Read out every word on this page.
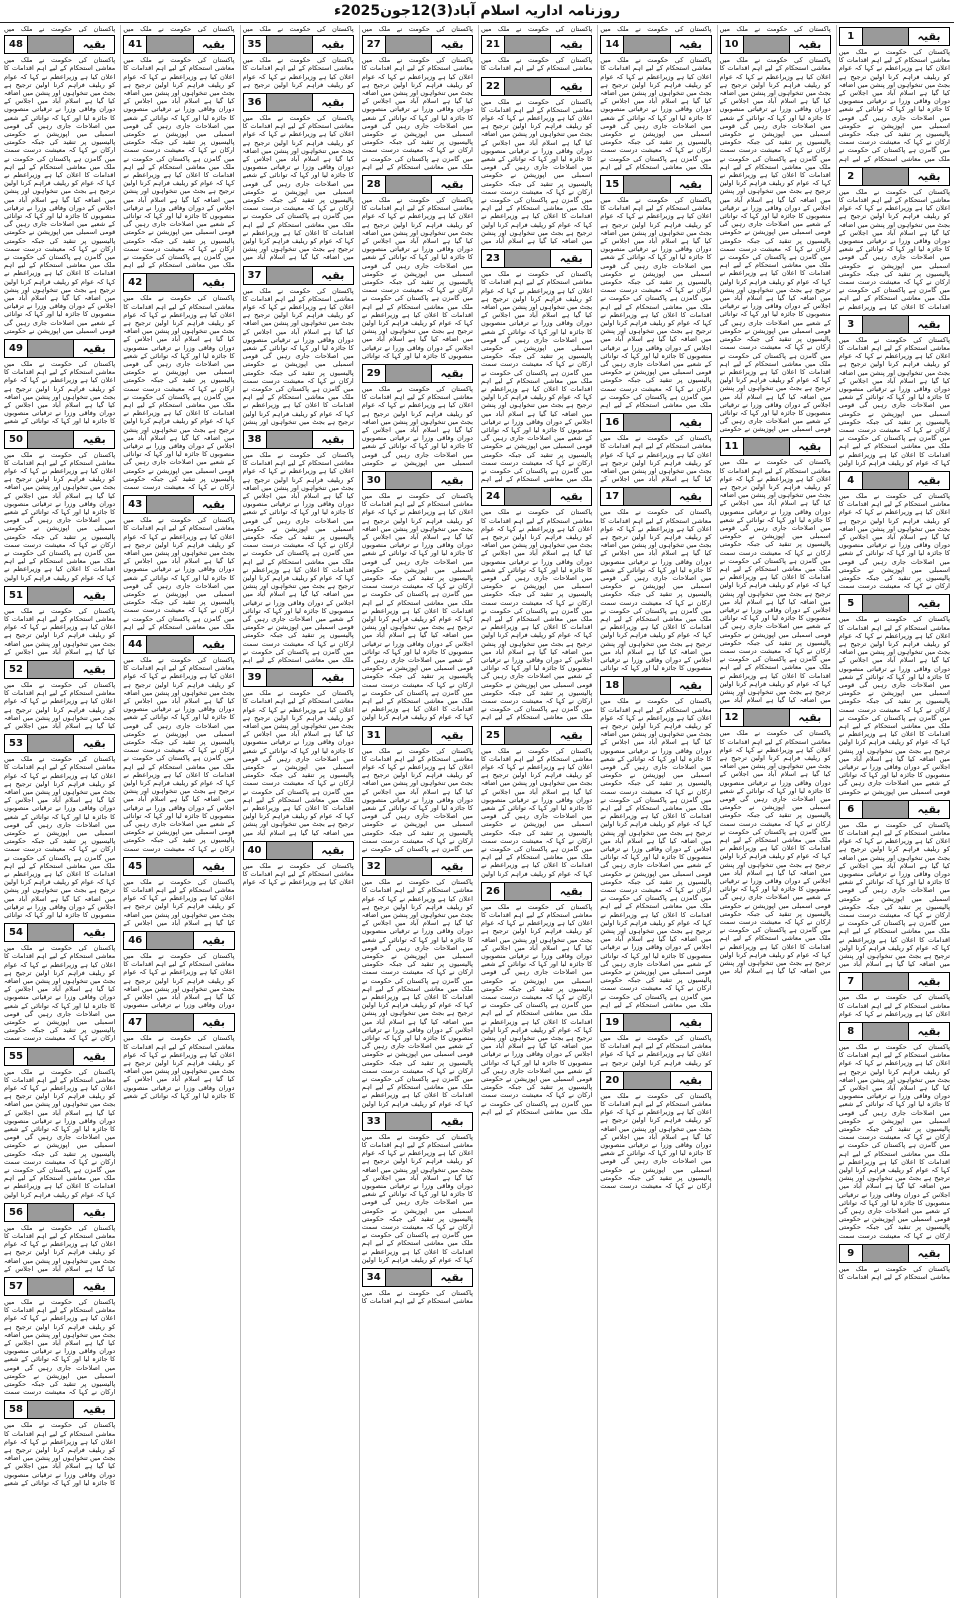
روزنامہ اداریہ اسلام آباد(3)12جون2025ء
بقیہ
1
پاکستان کی حکومت نے ملک میں معاشی استحکام کے لیے اہم اقدامات کا اعلان کیا ہے وزیراعظم نے کہا کہ عوام کو ریلیف فراہم کرنا اولین ترجیح ہے بجٹ میں تنخواہوں اور پنشن میں اضافہ کیا گیا ہے اسلام آباد میں اجلاس کے دوران وفاقی وزرا نے ترقیاتی منصوبوں کا جائزہ لیا اور کہا کہ توانائی کے شعبے میں اصلاحات جاری رہیں گی قومی اسمبلی میں اپوزیشن نے حکومتی پالیسیوں پر تنقید کی جبکہ حکومتی ارکان نے کہا کہ معیشت درست سمت میں گامزن ہے پاکستان کی حکومت نے ملک میں معاشی استحکام کے لیے اہم
بقیہ
2
پاکستان کی حکومت نے ملک میں معاشی استحکام کے لیے اہم اقدامات کا اعلان کیا ہے وزیراعظم نے کہا کہ عوام کو ریلیف فراہم کرنا اولین ترجیح ہے بجٹ میں تنخواہوں اور پنشن میں اضافہ کیا گیا ہے اسلام آباد میں اجلاس کے دوران وفاقی وزرا نے ترقیاتی منصوبوں کا جائزہ لیا اور کہا کہ توانائی کے شعبے میں اصلاحات جاری رہیں گی قومی اسمبلی میں اپوزیشن نے حکومتی پالیسیوں پر تنقید کی جبکہ حکومتی ارکان نے کہا کہ معیشت درست سمت میں گامزن ہے پاکستان کی حکومت نے ملک میں معاشی استحکام کے لیے اہم اقدامات کا اعلان کیا ہے وزیراعظم نے
بقیہ
3
پاکستان کی حکومت نے ملک میں معاشی استحکام کے لیے اہم اقدامات کا اعلان کیا ہے وزیراعظم نے کہا کہ عوام کو ریلیف فراہم کرنا اولین ترجیح ہے بجٹ میں تنخواہوں اور پنشن میں اضافہ کیا گیا ہے اسلام آباد میں اجلاس کے دوران وفاقی وزرا نے ترقیاتی منصوبوں کا جائزہ لیا اور کہا کہ توانائی کے شعبے میں اصلاحات جاری رہیں گی قومی اسمبلی میں اپوزیشن نے حکومتی پالیسیوں پر تنقید کی جبکہ حکومتی ارکان نے کہا کہ معیشت درست سمت میں گامزن ہے پاکستان کی حکومت نے ملک میں معاشی استحکام کے لیے اہم اقدامات کا اعلان کیا ہے وزیراعظم نے کہا کہ عوام کو ریلیف فراہم کرنا اولین
بقیہ
4
پاکستان کی حکومت نے ملک میں معاشی استحکام کے لیے اہم اقدامات کا اعلان کیا ہے وزیراعظم نے کہا کہ عوام کو ریلیف فراہم کرنا اولین ترجیح ہے بجٹ میں تنخواہوں اور پنشن میں اضافہ کیا گیا ہے اسلام آباد میں اجلاس کے دوران وفاقی وزرا نے ترقیاتی منصوبوں کا جائزہ لیا اور کہا کہ توانائی کے شعبے میں اصلاحات جاری رہیں گی قومی اسمبلی میں اپوزیشن نے حکومتی پالیسیوں پر تنقید کی جبکہ حکومتی ارکان نے کہا کہ معیشت درست سمت
بقیہ
5
پاکستان کی حکومت نے ملک میں معاشی استحکام کے لیے اہم اقدامات کا اعلان کیا ہے وزیراعظم نے کہا کہ عوام کو ریلیف فراہم کرنا اولین ترجیح ہے بجٹ میں تنخواہوں اور پنشن میں اضافہ کیا گیا ہے اسلام آباد میں اجلاس کے دوران وفاقی وزرا نے ترقیاتی منصوبوں کا جائزہ لیا اور کہا کہ توانائی کے شعبے میں اصلاحات جاری رہیں گی قومی اسمبلی میں اپوزیشن نے حکومتی پالیسیوں پر تنقید کی جبکہ حکومتی ارکان نے کہا کہ معیشت درست سمت میں گامزن ہے پاکستان کی حکومت نے ملک میں معاشی استحکام کے لیے اہم اقدامات کا اعلان کیا ہے وزیراعظم نے کہا کہ عوام کو ریلیف فراہم کرنا اولین ترجیح ہے بجٹ میں تنخواہوں اور پنشن میں اضافہ کیا گیا ہے اسلام آباد میں اجلاس کے دوران وفاقی وزرا نے ترقیاتی منصوبوں کا جائزہ لیا اور کہا کہ توانائی کے شعبے میں اصلاحات جاری رہیں گی قومی اسمبلی میں اپوزیشن نے حکومتی
بقیہ
6
پاکستان کی حکومت نے ملک میں معاشی استحکام کے لیے اہم اقدامات کا اعلان کیا ہے وزیراعظم نے کہا کہ عوام کو ریلیف فراہم کرنا اولین ترجیح ہے بجٹ میں تنخواہوں اور پنشن میں اضافہ کیا گیا ہے اسلام آباد میں اجلاس کے دوران وفاقی وزرا نے ترقیاتی منصوبوں کا جائزہ لیا اور کہا کہ توانائی کے شعبے میں اصلاحات جاری رہیں گی قومی اسمبلی میں اپوزیشن نے حکومتی پالیسیوں پر تنقید کی جبکہ حکومتی ارکان نے کہا کہ معیشت درست سمت میں گامزن ہے پاکستان کی حکومت نے ملک میں معاشی استحکام کے لیے اہم اقدامات کا اعلان کیا ہے وزیراعظم نے کہا کہ عوام کو ریلیف فراہم کرنا اولین ترجیح ہے بجٹ میں تنخواہوں اور پنشن میں اضافہ کیا گیا ہے اسلام آباد میں
بقیہ
7
پاکستان کی حکومت نے ملک میں معاشی استحکام کے لیے اہم اقدامات کا اعلان کیا ہے وزیراعظم نے کہا کہ عوام
بقیہ
8
پاکستان کی حکومت نے ملک میں معاشی استحکام کے لیے اہم اقدامات کا اعلان کیا ہے وزیراعظم نے کہا کہ عوام کو ریلیف فراہم کرنا اولین ترجیح ہے بجٹ میں تنخواہوں اور پنشن میں اضافہ کیا گیا ہے اسلام آباد میں اجلاس کے دوران وفاقی وزرا نے ترقیاتی منصوبوں کا جائزہ لیا اور کہا کہ توانائی کے شعبے میں اصلاحات جاری رہیں گی قومی اسمبلی میں اپوزیشن نے حکومتی پالیسیوں پر تنقید کی جبکہ حکومتی ارکان نے کہا کہ معیشت درست سمت میں گامزن ہے پاکستان کی حکومت نے ملک میں معاشی استحکام کے لیے اہم اقدامات کا اعلان کیا ہے وزیراعظم نے کہا کہ عوام کو ریلیف فراہم کرنا اولین ترجیح ہے بجٹ میں تنخواہوں اور پنشن میں اضافہ کیا گیا ہے اسلام آباد میں اجلاس کے دوران وفاقی وزرا نے ترقیاتی منصوبوں کا جائزہ لیا اور کہا کہ توانائی کے شعبے میں اصلاحات جاری رہیں گی قومی اسمبلی میں اپوزیشن نے حکومتی پالیسیوں پر تنقید کی جبکہ حکومتی ارکان نے کہا کہ معیشت درست سمت
بقیہ
9
پاکستان کی حکومت نے ملک میں معاشی استحکام کے لیے اہم اقدامات کا
پاکستان کی حکومت نے ملک میں
بقیہ
10
پاکستان کی حکومت نے ملک میں معاشی استحکام کے لیے اہم اقدامات کا اعلان کیا ہے وزیراعظم نے کہا کہ عوام کو ریلیف فراہم کرنا اولین ترجیح ہے بجٹ میں تنخواہوں اور پنشن میں اضافہ کیا گیا ہے اسلام آباد میں اجلاس کے دوران وفاقی وزرا نے ترقیاتی منصوبوں کا جائزہ لیا اور کہا کہ توانائی کے شعبے میں اصلاحات جاری رہیں گی قومی اسمبلی میں اپوزیشن نے حکومتی پالیسیوں پر تنقید کی جبکہ حکومتی ارکان نے کہا کہ معیشت درست سمت میں گامزن ہے پاکستان کی حکومت نے ملک میں معاشی استحکام کے لیے اہم اقدامات کا اعلان کیا ہے وزیراعظم نے کہا کہ عوام کو ریلیف فراہم کرنا اولین ترجیح ہے بجٹ میں تنخواہوں اور پنشن میں اضافہ کیا گیا ہے اسلام آباد میں اجلاس کے دوران وفاقی وزرا نے ترقیاتی منصوبوں کا جائزہ لیا اور کہا کہ توانائی کے شعبے میں اصلاحات جاری رہیں گی قومی اسمبلی میں اپوزیشن نے حکومتی پالیسیوں پر تنقید کی جبکہ حکومتی ارکان نے کہا کہ معیشت درست سمت میں گامزن ہے پاکستان کی حکومت نے ملک میں معاشی استحکام کے لیے اہم اقدامات کا اعلان کیا ہے وزیراعظم نے کہا کہ عوام کو ریلیف فراہم کرنا اولین ترجیح ہے بجٹ میں تنخواہوں اور پنشن میں اضافہ کیا گیا ہے اسلام آباد میں اجلاس کے دوران وفاقی وزرا نے ترقیاتی منصوبوں کا جائزہ لیا اور کہا کہ توانائی کے شعبے میں اصلاحات جاری رہیں گی قومی اسمبلی میں اپوزیشن نے حکومتی پالیسیوں پر تنقید کی جبکہ حکومتی ارکان نے کہا کہ معیشت درست سمت میں گامزن ہے پاکستان کی حکومت نے ملک میں معاشی استحکام کے لیے اہم اقدامات کا اعلان کیا ہے وزیراعظم نے کہا کہ عوام کو ریلیف فراہم کرنا اولین ترجیح ہے بجٹ میں تنخواہوں اور پنشن میں اضافہ کیا گیا ہے اسلام آباد میں اجلاس کے دوران وفاقی وزرا نے ترقیاتی منصوبوں کا جائزہ لیا اور کہا کہ توانائی کے شعبے میں اصلاحات جاری رہیں گی قومی اسمبلی میں اپوزیشن نے حکومتی
بقیہ
11
پاکستان کی حکومت نے ملک میں معاشی استحکام کے لیے اہم اقدامات کا اعلان کیا ہے وزیراعظم نے کہا کہ عوام کو ریلیف فراہم کرنا اولین ترجیح ہے بجٹ میں تنخواہوں اور پنشن میں اضافہ کیا گیا ہے اسلام آباد میں اجلاس کے دوران وفاقی وزرا نے ترقیاتی منصوبوں کا جائزہ لیا اور کہا کہ توانائی کے شعبے میں اصلاحات جاری رہیں گی قومی اسمبلی میں اپوزیشن نے حکومتی پالیسیوں پر تنقید کی جبکہ حکومتی ارکان نے کہا کہ معیشت درست سمت میں گامزن ہے پاکستان کی حکومت نے ملک میں معاشی استحکام کے لیے اہم اقدامات کا اعلان کیا ہے وزیراعظم نے کہا کہ عوام کو ریلیف فراہم کرنا اولین ترجیح ہے بجٹ میں تنخواہوں اور پنشن میں اضافہ کیا گیا ہے اسلام آباد میں اجلاس کے دوران وفاقی وزرا نے ترقیاتی منصوبوں کا جائزہ لیا اور کہا کہ توانائی کے شعبے میں اصلاحات جاری رہیں گی قومی اسمبلی میں اپوزیشن نے حکومتی پالیسیوں پر تنقید کی جبکہ حکومتی ارکان نے کہا کہ معیشت درست سمت میں گامزن ہے پاکستان کی حکومت نے ملک میں معاشی استحکام کے لیے اہم اقدامات کا اعلان کیا ہے وزیراعظم نے کہا کہ عوام کو ریلیف فراہم کرنا اولین ترجیح ہے بجٹ میں تنخواہوں اور پنشن میں اضافہ کیا گیا ہے اسلام آباد میں
بقیہ
12
پاکستان کی حکومت نے ملک میں معاشی استحکام کے لیے اہم اقدامات کا اعلان کیا ہے وزیراعظم نے کہا کہ عوام کو ریلیف فراہم کرنا اولین ترجیح ہے بجٹ میں تنخواہوں اور پنشن میں اضافہ کیا گیا ہے اسلام آباد میں اجلاس کے دوران وفاقی وزرا نے ترقیاتی منصوبوں کا جائزہ لیا اور کہا کہ توانائی کے شعبے میں اصلاحات جاری رہیں گی قومی اسمبلی میں اپوزیشن نے حکومتی پالیسیوں پر تنقید کی جبکہ حکومتی ارکان نے کہا کہ معیشت درست سمت میں گامزن ہے پاکستان کی حکومت نے ملک میں معاشی استحکام کے لیے اہم اقدامات کا اعلان کیا ہے وزیراعظم نے کہا کہ عوام کو ریلیف فراہم کرنا اولین ترجیح ہے بجٹ میں تنخواہوں اور پنشن میں اضافہ کیا گیا ہے اسلام آباد میں اجلاس کے دوران وفاقی وزرا نے ترقیاتی منصوبوں کا جائزہ لیا اور کہا کہ توانائی کے شعبے میں اصلاحات جاری رہیں گی قومی اسمبلی میں اپوزیشن نے حکومتی پالیسیوں پر تنقید کی جبکہ حکومتی ارکان نے کہا کہ معیشت درست سمت میں گامزن ہے پاکستان کی حکومت نے ملک میں معاشی استحکام کے لیے اہم اقدامات کا اعلان کیا ہے وزیراعظم نے کہا کہ عوام کو ریلیف فراہم کرنا اولین ترجیح ہے بجٹ میں تنخواہوں اور پنشن میں اضافہ کیا گیا ہے اسلام آباد میں
پاکستان کی حکومت نے ملک میں
بقیہ
14
پاکستان کی حکومت نے ملک میں معاشی استحکام کے لیے اہم اقدامات کا اعلان کیا ہے وزیراعظم نے کہا کہ عوام کو ریلیف فراہم کرنا اولین ترجیح ہے بجٹ میں تنخواہوں اور پنشن میں اضافہ کیا گیا ہے اسلام آباد میں اجلاس کے دوران وفاقی وزرا نے ترقیاتی منصوبوں کا جائزہ لیا اور کہا کہ توانائی کے شعبے میں اصلاحات جاری رہیں گی قومی اسمبلی میں اپوزیشن نے حکومتی پالیسیوں پر تنقید کی جبکہ حکومتی ارکان نے کہا کہ معیشت درست سمت میں گامزن ہے پاکستان کی حکومت نے ملک میں معاشی استحکام کے لیے اہم
بقیہ
15
پاکستان کی حکومت نے ملک میں معاشی استحکام کے لیے اہم اقدامات کا اعلان کیا ہے وزیراعظم نے کہا کہ عوام کو ریلیف فراہم کرنا اولین ترجیح ہے بجٹ میں تنخواہوں اور پنشن میں اضافہ کیا گیا ہے اسلام آباد میں اجلاس کے دوران وفاقی وزرا نے ترقیاتی منصوبوں کا جائزہ لیا اور کہا کہ توانائی کے شعبے میں اصلاحات جاری رہیں گی قومی اسمبلی میں اپوزیشن نے حکومتی پالیسیوں پر تنقید کی جبکہ حکومتی ارکان نے کہا کہ معیشت درست سمت میں گامزن ہے پاکستان کی حکومت نے ملک میں معاشی استحکام کے لیے اہم اقدامات کا اعلان کیا ہے وزیراعظم نے کہا کہ عوام کو ریلیف فراہم کرنا اولین ترجیح ہے بجٹ میں تنخواہوں اور پنشن میں اضافہ کیا گیا ہے اسلام آباد میں اجلاس کے دوران وفاقی وزرا نے ترقیاتی منصوبوں کا جائزہ لیا اور کہا کہ توانائی کے شعبے میں اصلاحات جاری رہیں گی قومی اسمبلی میں اپوزیشن نے حکومتی پالیسیوں پر تنقید کی جبکہ حکومتی ارکان نے کہا کہ معیشت درست سمت میں گامزن ہے پاکستان کی حکومت نے ملک میں معاشی استحکام کے لیے اہم
بقیہ
16
پاکستان کی حکومت نے ملک میں معاشی استحکام کے لیے اہم اقدامات کا اعلان کیا ہے وزیراعظم نے کہا کہ عوام کو ریلیف فراہم کرنا اولین ترجیح ہے بجٹ میں تنخواہوں اور پنشن میں اضافہ کیا گیا ہے اسلام آباد میں اجلاس کے
بقیہ
17
پاکستان کی حکومت نے ملک میں معاشی استحکام کے لیے اہم اقدامات کا اعلان کیا ہے وزیراعظم نے کہا کہ عوام کو ریلیف فراہم کرنا اولین ترجیح ہے بجٹ میں تنخواہوں اور پنشن میں اضافہ کیا گیا ہے اسلام آباد میں اجلاس کے دوران وفاقی وزرا نے ترقیاتی منصوبوں کا جائزہ لیا اور کہا کہ توانائی کے شعبے میں اصلاحات جاری رہیں گی قومی اسمبلی میں اپوزیشن نے حکومتی پالیسیوں پر تنقید کی جبکہ حکومتی ارکان نے کہا کہ معیشت درست سمت میں گامزن ہے پاکستان کی حکومت نے ملک میں معاشی استحکام کے لیے اہم اقدامات کا اعلان کیا ہے وزیراعظم نے کہا کہ عوام کو ریلیف فراہم کرنا اولین ترجیح ہے بجٹ میں تنخواہوں اور پنشن میں اضافہ کیا گیا ہے اسلام آباد میں اجلاس کے دوران وفاقی وزرا نے ترقیاتی منصوبوں کا جائزہ لیا اور کہا کہ توانائی
بقیہ
18
پاکستان کی حکومت نے ملک میں معاشی استحکام کے لیے اہم اقدامات کا اعلان کیا ہے وزیراعظم نے کہا کہ عوام کو ریلیف فراہم کرنا اولین ترجیح ہے بجٹ میں تنخواہوں اور پنشن میں اضافہ کیا گیا ہے اسلام آباد میں اجلاس کے دوران وفاقی وزرا نے ترقیاتی منصوبوں کا جائزہ لیا اور کہا کہ توانائی کے شعبے میں اصلاحات جاری رہیں گی قومی اسمبلی میں اپوزیشن نے حکومتی پالیسیوں پر تنقید کی جبکہ حکومتی ارکان نے کہا کہ معیشت درست سمت میں گامزن ہے پاکستان کی حکومت نے ملک میں معاشی استحکام کے لیے اہم اقدامات کا اعلان کیا ہے وزیراعظم نے کہا کہ عوام کو ریلیف فراہم کرنا اولین ترجیح ہے بجٹ میں تنخواہوں اور پنشن میں اضافہ کیا گیا ہے اسلام آباد میں اجلاس کے دوران وفاقی وزرا نے ترقیاتی منصوبوں کا جائزہ لیا اور کہا کہ توانائی کے شعبے میں اصلاحات جاری رہیں گی قومی اسمبلی میں اپوزیشن نے حکومتی پالیسیوں پر تنقید کی جبکہ حکومتی ارکان نے کہا کہ معیشت درست سمت میں گامزن ہے پاکستان کی حکومت نے ملک میں معاشی استحکام کے لیے اہم اقدامات کا اعلان کیا ہے وزیراعظم نے کہا کہ عوام کو ریلیف فراہم کرنا اولین ترجیح ہے بجٹ میں تنخواہوں اور پنشن میں اضافہ کیا گیا ہے اسلام آباد میں اجلاس کے دوران وفاقی وزرا نے ترقیاتی منصوبوں کا جائزہ لیا اور کہا کہ توانائی کے شعبے میں اصلاحات جاری رہیں گی قومی اسمبلی میں اپوزیشن نے حکومتی پالیسیوں پر تنقید کی جبکہ حکومتی ارکان نے کہا کہ معیشت درست سمت میں گامزن ہے پاکستان کی حکومت نے ملک میں معاشی استحکام کے لیے اہم
بقیہ
19
پاکستان کی حکومت نے ملک میں معاشی استحکام کے لیے اہم اقدامات کا اعلان کیا ہے وزیراعظم نے کہا کہ عوام کو ریلیف فراہم کرنا اولین ترجیح ہے
بقیہ
20
پاکستان کی حکومت نے ملک میں معاشی استحکام کے لیے اہم اقدامات کا اعلان کیا ہے وزیراعظم نے کہا کہ عوام کو ریلیف فراہم کرنا اولین ترجیح ہے بجٹ میں تنخواہوں اور پنشن میں اضافہ کیا گیا ہے اسلام آباد میں اجلاس کے دوران وفاقی وزرا نے ترقیاتی منصوبوں کا جائزہ لیا اور کہا کہ توانائی کے شعبے میں اصلاحات جاری رہیں گی قومی اسمبلی میں اپوزیشن نے حکومتی پالیسیوں پر تنقید کی جبکہ حکومتی ارکان نے کہا کہ معیشت درست سمت
پاکستان کی حکومت نے ملک میں
بقیہ
21
پاکستان کی حکومت نے ملک میں معاشی استحکام کے لیے اہم اقدامات کا
بقیہ
22
پاکستان کی حکومت نے ملک میں معاشی استحکام کے لیے اہم اقدامات کا اعلان کیا ہے وزیراعظم نے کہا کہ عوام کو ریلیف فراہم کرنا اولین ترجیح ہے بجٹ میں تنخواہوں اور پنشن میں اضافہ کیا گیا ہے اسلام آباد میں اجلاس کے دوران وفاقی وزرا نے ترقیاتی منصوبوں کا جائزہ لیا اور کہا کہ توانائی کے شعبے میں اصلاحات جاری رہیں گی قومی اسمبلی میں اپوزیشن نے حکومتی پالیسیوں پر تنقید کی جبکہ حکومتی ارکان نے کہا کہ معیشت درست سمت میں گامزن ہے پاکستان کی حکومت نے ملک میں معاشی استحکام کے لیے اہم اقدامات کا اعلان کیا ہے وزیراعظم نے کہا کہ عوام کو ریلیف فراہم کرنا اولین ترجیح ہے بجٹ میں تنخواہوں اور پنشن میں اضافہ کیا گیا ہے اسلام آباد میں
بقیہ
23
پاکستان کی حکومت نے ملک میں معاشی استحکام کے لیے اہم اقدامات کا اعلان کیا ہے وزیراعظم نے کہا کہ عوام کو ریلیف فراہم کرنا اولین ترجیح ہے بجٹ میں تنخواہوں اور پنشن میں اضافہ کیا گیا ہے اسلام آباد میں اجلاس کے دوران وفاقی وزرا نے ترقیاتی منصوبوں کا جائزہ لیا اور کہا کہ توانائی کے شعبے میں اصلاحات جاری رہیں گی قومی اسمبلی میں اپوزیشن نے حکومتی پالیسیوں پر تنقید کی جبکہ حکومتی ارکان نے کہا کہ معیشت درست سمت میں گامزن ہے پاکستان کی حکومت نے ملک میں معاشی استحکام کے لیے اہم اقدامات کا اعلان کیا ہے وزیراعظم نے کہا کہ عوام کو ریلیف فراہم کرنا اولین ترجیح ہے بجٹ میں تنخواہوں اور پنشن میں اضافہ کیا گیا ہے اسلام آباد میں اجلاس کے دوران وفاقی وزرا نے ترقیاتی منصوبوں کا جائزہ لیا اور کہا کہ توانائی کے شعبے میں اصلاحات جاری رہیں گی قومی اسمبلی میں اپوزیشن نے حکومتی پالیسیوں پر تنقید کی جبکہ حکومتی ارکان نے کہا کہ معیشت درست سمت میں گامزن ہے پاکستان کی حکومت نے ملک میں معاشی استحکام کے لیے اہم
بقیہ
24
پاکستان کی حکومت نے ملک میں معاشی استحکام کے لیے اہم اقدامات کا اعلان کیا ہے وزیراعظم نے کہا کہ عوام کو ریلیف فراہم کرنا اولین ترجیح ہے بجٹ میں تنخواہوں اور پنشن میں اضافہ کیا گیا ہے اسلام آباد میں اجلاس کے دوران وفاقی وزرا نے ترقیاتی منصوبوں کا جائزہ لیا اور کہا کہ توانائی کے شعبے میں اصلاحات جاری رہیں گی قومی اسمبلی میں اپوزیشن نے حکومتی پالیسیوں پر تنقید کی جبکہ حکومتی ارکان نے کہا کہ معیشت درست سمت میں گامزن ہے پاکستان کی حکومت نے ملک میں معاشی استحکام کے لیے اہم اقدامات کا اعلان کیا ہے وزیراعظم نے کہا کہ عوام کو ریلیف فراہم کرنا اولین ترجیح ہے بجٹ میں تنخواہوں اور پنشن میں اضافہ کیا گیا ہے اسلام آباد میں اجلاس کے دوران وفاقی وزرا نے ترقیاتی منصوبوں کا جائزہ لیا اور کہا کہ توانائی کے شعبے میں اصلاحات جاری رہیں گی قومی اسمبلی میں اپوزیشن نے حکومتی پالیسیوں پر تنقید کی جبکہ حکومتی ارکان نے کہا کہ معیشت درست سمت میں گامزن ہے پاکستان کی حکومت نے ملک میں معاشی استحکام کے لیے اہم
بقیہ
25
پاکستان کی حکومت نے ملک میں معاشی استحکام کے لیے اہم اقدامات کا اعلان کیا ہے وزیراعظم نے کہا کہ عوام کو ریلیف فراہم کرنا اولین ترجیح ہے بجٹ میں تنخواہوں اور پنشن میں اضافہ کیا گیا ہے اسلام آباد میں اجلاس کے دوران وفاقی وزرا نے ترقیاتی منصوبوں کا جائزہ لیا اور کہا کہ توانائی کے شعبے میں اصلاحات جاری رہیں گی قومی اسمبلی میں اپوزیشن نے حکومتی پالیسیوں پر تنقید کی جبکہ حکومتی ارکان نے کہا کہ معیشت درست سمت میں گامزن ہے پاکستان کی حکومت نے ملک میں معاشی استحکام کے لیے اہم اقدامات کا اعلان کیا ہے وزیراعظم نے کہا کہ عوام کو ریلیف فراہم کرنا اولین
بقیہ
26
پاکستان کی حکومت نے ملک میں معاشی استحکام کے لیے اہم اقدامات کا اعلان کیا ہے وزیراعظم نے کہا کہ عوام کو ریلیف فراہم کرنا اولین ترجیح ہے بجٹ میں تنخواہوں اور پنشن میں اضافہ کیا گیا ہے اسلام آباد میں اجلاس کے دوران وفاقی وزرا نے ترقیاتی منصوبوں کا جائزہ لیا اور کہا کہ توانائی کے شعبے میں اصلاحات جاری رہیں گی قومی اسمبلی میں اپوزیشن نے حکومتی پالیسیوں پر تنقید کی جبکہ حکومتی ارکان نے کہا کہ معیشت درست سمت میں گامزن ہے پاکستان کی حکومت نے ملک میں معاشی استحکام کے لیے اہم اقدامات کا اعلان کیا ہے وزیراعظم نے کہا کہ عوام کو ریلیف فراہم کرنا اولین ترجیح ہے بجٹ میں تنخواہوں اور پنشن میں اضافہ کیا گیا ہے اسلام آباد میں اجلاس کے دوران وفاقی وزرا نے ترقیاتی منصوبوں کا جائزہ لیا اور کہا کہ توانائی کے شعبے میں اصلاحات جاری رہیں گی قومی اسمبلی میں اپوزیشن نے حکومتی پالیسیوں پر تنقید کی جبکہ حکومتی ارکان نے کہا کہ معیشت درست سمت میں گامزن ہے پاکستان کی حکومت نے ملک میں معاشی استحکام کے لیے اہم
پاکستان کی حکومت نے ملک میں
بقیہ
27
پاکستان کی حکومت نے ملک میں معاشی استحکام کے لیے اہم اقدامات کا اعلان کیا ہے وزیراعظم نے کہا کہ عوام کو ریلیف فراہم کرنا اولین ترجیح ہے بجٹ میں تنخواہوں اور پنشن میں اضافہ کیا گیا ہے اسلام آباد میں اجلاس کے دوران وفاقی وزرا نے ترقیاتی منصوبوں کا جائزہ لیا اور کہا کہ توانائی کے شعبے میں اصلاحات جاری رہیں گی قومی اسمبلی میں اپوزیشن نے حکومتی پالیسیوں پر تنقید کی جبکہ حکومتی ارکان نے کہا کہ معیشت درست سمت میں گامزن ہے پاکستان کی حکومت نے ملک میں معاشی استحکام کے لیے اہم
بقیہ
28
پاکستان کی حکومت نے ملک میں معاشی استحکام کے لیے اہم اقدامات کا اعلان کیا ہے وزیراعظم نے کہا کہ عوام کو ریلیف فراہم کرنا اولین ترجیح ہے بجٹ میں تنخواہوں اور پنشن میں اضافہ کیا گیا ہے اسلام آباد میں اجلاس کے دوران وفاقی وزرا نے ترقیاتی منصوبوں کا جائزہ لیا اور کہا کہ توانائی کے شعبے میں اصلاحات جاری رہیں گی قومی اسمبلی میں اپوزیشن نے حکومتی پالیسیوں پر تنقید کی جبکہ حکومتی ارکان نے کہا کہ معیشت درست سمت میں گامزن ہے پاکستان کی حکومت نے ملک میں معاشی استحکام کے لیے اہم اقدامات کا اعلان کیا ہے وزیراعظم نے کہا کہ عوام کو ریلیف فراہم کرنا اولین ترجیح ہے بجٹ میں تنخواہوں اور پنشن میں اضافہ کیا گیا ہے اسلام آباد میں اجلاس کے دوران وفاقی وزرا نے ترقیاتی منصوبوں کا جائزہ لیا اور کہا کہ توانائی
بقیہ
29
پاکستان کی حکومت نے ملک میں معاشی استحکام کے لیے اہم اقدامات کا اعلان کیا ہے وزیراعظم نے کہا کہ عوام کو ریلیف فراہم کرنا اولین ترجیح ہے بجٹ میں تنخواہوں اور پنشن میں اضافہ کیا گیا ہے اسلام آباد میں اجلاس کے دوران وفاقی وزرا نے ترقیاتی منصوبوں کا جائزہ لیا اور کہا کہ توانائی کے شعبے میں اصلاحات جاری رہیں گی قومی اسمبلی میں اپوزیشن نے حکومتی
بقیہ
30
پاکستان کی حکومت نے ملک میں معاشی استحکام کے لیے اہم اقدامات کا اعلان کیا ہے وزیراعظم نے کہا کہ عوام کو ریلیف فراہم کرنا اولین ترجیح ہے بجٹ میں تنخواہوں اور پنشن میں اضافہ کیا گیا ہے اسلام آباد میں اجلاس کے دوران وفاقی وزرا نے ترقیاتی منصوبوں کا جائزہ لیا اور کہا کہ توانائی کے شعبے میں اصلاحات جاری رہیں گی قومی اسمبلی میں اپوزیشن نے حکومتی پالیسیوں پر تنقید کی جبکہ حکومتی ارکان نے کہا کہ معیشت درست سمت میں گامزن ہے پاکستان کی حکومت نے ملک میں معاشی استحکام کے لیے اہم اقدامات کا اعلان کیا ہے وزیراعظم نے کہا کہ عوام کو ریلیف فراہم کرنا اولین ترجیح ہے بجٹ میں تنخواہوں اور پنشن میں اضافہ کیا گیا ہے اسلام آباد میں اجلاس کے دوران وفاقی وزرا نے ترقیاتی منصوبوں کا جائزہ لیا اور کہا کہ توانائی کے شعبے میں اصلاحات جاری رہیں گی قومی اسمبلی میں اپوزیشن نے حکومتی پالیسیوں پر تنقید کی جبکہ حکومتی ارکان نے کہا کہ معیشت درست سمت میں گامزن ہے پاکستان کی حکومت نے ملک میں معاشی استحکام کے لیے اہم اقدامات کا اعلان کیا ہے وزیراعظم نے کہا کہ عوام کو ریلیف فراہم کرنا اولین
بقیہ
31
پاکستان کی حکومت نے ملک میں معاشی استحکام کے لیے اہم اقدامات کا اعلان کیا ہے وزیراعظم نے کہا کہ عوام کو ریلیف فراہم کرنا اولین ترجیح ہے بجٹ میں تنخواہوں اور پنشن میں اضافہ کیا گیا ہے اسلام آباد میں اجلاس کے دوران وفاقی وزرا نے ترقیاتی منصوبوں کا جائزہ لیا اور کہا کہ توانائی کے شعبے میں اصلاحات جاری رہیں گی قومی اسمبلی میں اپوزیشن نے حکومتی پالیسیوں پر تنقید کی جبکہ حکومتی ارکان نے کہا کہ معیشت درست سمت میں گامزن ہے پاکستان کی حکومت نے
بقیہ
32
پاکستان کی حکومت نے ملک میں معاشی استحکام کے لیے اہم اقدامات کا اعلان کیا ہے وزیراعظم نے کہا کہ عوام کو ریلیف فراہم کرنا اولین ترجیح ہے بجٹ میں تنخواہوں اور پنشن میں اضافہ کیا گیا ہے اسلام آباد میں اجلاس کے دوران وفاقی وزرا نے ترقیاتی منصوبوں کا جائزہ لیا اور کہا کہ توانائی کے شعبے میں اصلاحات جاری رہیں گی قومی اسمبلی میں اپوزیشن نے حکومتی پالیسیوں پر تنقید کی جبکہ حکومتی ارکان نے کہا کہ معیشت درست سمت میں گامزن ہے پاکستان کی حکومت نے ملک میں معاشی استحکام کے لیے اہم اقدامات کا اعلان کیا ہے وزیراعظم نے کہا کہ عوام کو ریلیف فراہم کرنا اولین ترجیح ہے بجٹ میں تنخواہوں اور پنشن میں اضافہ کیا گیا ہے اسلام آباد میں اجلاس کے دوران وفاقی وزرا نے ترقیاتی منصوبوں کا جائزہ لیا اور کہا کہ توانائی کے شعبے میں اصلاحات جاری رہیں گی قومی اسمبلی میں اپوزیشن نے حکومتی پالیسیوں پر تنقید کی جبکہ حکومتی ارکان نے کہا کہ معیشت درست سمت میں گامزن ہے پاکستان کی حکومت نے ملک میں معاشی استحکام کے لیے اہم اقدامات کا اعلان کیا ہے وزیراعظم نے کہا کہ عوام کو ریلیف فراہم کرنا اولین
بقیہ
33
پاکستان کی حکومت نے ملک میں معاشی استحکام کے لیے اہم اقدامات کا اعلان کیا ہے وزیراعظم نے کہا کہ عوام کو ریلیف فراہم کرنا اولین ترجیح ہے بجٹ میں تنخواہوں اور پنشن میں اضافہ کیا گیا ہے اسلام آباد میں اجلاس کے دوران وفاقی وزرا نے ترقیاتی منصوبوں کا جائزہ لیا اور کہا کہ توانائی کے شعبے میں اصلاحات جاری رہیں گی قومی اسمبلی میں اپوزیشن نے حکومتی پالیسیوں پر تنقید کی جبکہ حکومتی ارکان نے کہا کہ معیشت درست سمت میں گامزن ہے پاکستان کی حکومت نے ملک میں معاشی استحکام کے لیے اہم اقدامات کا اعلان کیا ہے وزیراعظم نے کہا کہ عوام کو ریلیف فراہم کرنا اولین
بقیہ
34
پاکستان کی حکومت نے ملک میں معاشی استحکام کے لیے اہم اقدامات کا
پاکستان کی حکومت نے ملک میں
بقیہ
35
پاکستان کی حکومت نے ملک میں معاشی استحکام کے لیے اہم اقدامات کا اعلان کیا ہے وزیراعظم نے کہا کہ عوام کو ریلیف فراہم کرنا اولین ترجیح ہے
بقیہ
36
پاکستان کی حکومت نے ملک میں معاشی استحکام کے لیے اہم اقدامات کا اعلان کیا ہے وزیراعظم نے کہا کہ عوام کو ریلیف فراہم کرنا اولین ترجیح ہے بجٹ میں تنخواہوں اور پنشن میں اضافہ کیا گیا ہے اسلام آباد میں اجلاس کے دوران وفاقی وزرا نے ترقیاتی منصوبوں کا جائزہ لیا اور کہا کہ توانائی کے شعبے میں اصلاحات جاری رہیں گی قومی اسمبلی میں اپوزیشن نے حکومتی پالیسیوں پر تنقید کی جبکہ حکومتی ارکان نے کہا کہ معیشت درست سمت میں گامزن ہے پاکستان کی حکومت نے ملک میں معاشی استحکام کے لیے اہم اقدامات کا اعلان کیا ہے وزیراعظم نے کہا کہ عوام کو ریلیف فراہم کرنا اولین ترجیح ہے بجٹ میں تنخواہوں اور پنشن میں اضافہ کیا گیا ہے اسلام آباد میں
بقیہ
37
پاکستان کی حکومت نے ملک میں معاشی استحکام کے لیے اہم اقدامات کا اعلان کیا ہے وزیراعظم نے کہا کہ عوام کو ریلیف فراہم کرنا اولین ترجیح ہے بجٹ میں تنخواہوں اور پنشن میں اضافہ کیا گیا ہے اسلام آباد میں اجلاس کے دوران وفاقی وزرا نے ترقیاتی منصوبوں کا جائزہ لیا اور کہا کہ توانائی کے شعبے میں اصلاحات جاری رہیں گی قومی اسمبلی میں اپوزیشن نے حکومتی پالیسیوں پر تنقید کی جبکہ حکومتی ارکان نے کہا کہ معیشت درست سمت میں گامزن ہے پاکستان کی حکومت نے ملک میں معاشی استحکام کے لیے اہم اقدامات کا اعلان کیا ہے وزیراعظم نے کہا کہ عوام کو ریلیف فراہم کرنا اولین ترجیح ہے بجٹ میں تنخواہوں اور پنشن
بقیہ
38
پاکستان کی حکومت نے ملک میں معاشی استحکام کے لیے اہم اقدامات کا اعلان کیا ہے وزیراعظم نے کہا کہ عوام کو ریلیف فراہم کرنا اولین ترجیح ہے بجٹ میں تنخواہوں اور پنشن میں اضافہ کیا گیا ہے اسلام آباد میں اجلاس کے دوران وفاقی وزرا نے ترقیاتی منصوبوں کا جائزہ لیا اور کہا کہ توانائی کے شعبے میں اصلاحات جاری رہیں گی قومی اسمبلی میں اپوزیشن نے حکومتی پالیسیوں پر تنقید کی جبکہ حکومتی ارکان نے کہا کہ معیشت درست سمت میں گامزن ہے پاکستان کی حکومت نے ملک میں معاشی استحکام کے لیے اہم اقدامات کا اعلان کیا ہے وزیراعظم نے کہا کہ عوام کو ریلیف فراہم کرنا اولین ترجیح ہے بجٹ میں تنخواہوں اور پنشن میں اضافہ کیا گیا ہے اسلام آباد میں اجلاس کے دوران وفاقی وزرا نے ترقیاتی منصوبوں کا جائزہ لیا اور کہا کہ توانائی کے شعبے میں اصلاحات جاری رہیں گی قومی اسمبلی میں اپوزیشن نے حکومتی پالیسیوں پر تنقید کی جبکہ حکومتی ارکان نے کہا کہ معیشت درست سمت میں گامزن ہے پاکستان کی حکومت نے ملک میں معاشی استحکام کے لیے اہم
بقیہ
39
پاکستان کی حکومت نے ملک میں معاشی استحکام کے لیے اہم اقدامات کا اعلان کیا ہے وزیراعظم نے کہا کہ عوام کو ریلیف فراہم کرنا اولین ترجیح ہے بجٹ میں تنخواہوں اور پنشن میں اضافہ کیا گیا ہے اسلام آباد میں اجلاس کے دوران وفاقی وزرا نے ترقیاتی منصوبوں کا جائزہ لیا اور کہا کہ توانائی کے شعبے میں اصلاحات جاری رہیں گی قومی اسمبلی میں اپوزیشن نے حکومتی پالیسیوں پر تنقید کی جبکہ حکومتی ارکان نے کہا کہ معیشت درست سمت میں گامزن ہے پاکستان کی حکومت نے ملک میں معاشی استحکام کے لیے اہم اقدامات کا اعلان کیا ہے وزیراعظم نے کہا کہ عوام کو ریلیف فراہم کرنا اولین ترجیح ہے بجٹ میں تنخواہوں اور پنشن میں اضافہ کیا گیا ہے اسلام آباد میں
بقیہ
40
پاکستان کی حکومت نے ملک میں معاشی استحکام کے لیے اہم اقدامات کا اعلان کیا ہے وزیراعظم نے کہا کہ عوام
پاکستان کی حکومت نے ملک میں
بقیہ
41
پاکستان کی حکومت نے ملک میں معاشی استحکام کے لیے اہم اقدامات کا اعلان کیا ہے وزیراعظم نے کہا کہ عوام کو ریلیف فراہم کرنا اولین ترجیح ہے بجٹ میں تنخواہوں اور پنشن میں اضافہ کیا گیا ہے اسلام آباد میں اجلاس کے دوران وفاقی وزرا نے ترقیاتی منصوبوں کا جائزہ لیا اور کہا کہ توانائی کے شعبے میں اصلاحات جاری رہیں گی قومی اسمبلی میں اپوزیشن نے حکومتی پالیسیوں پر تنقید کی جبکہ حکومتی ارکان نے کہا کہ معیشت درست سمت میں گامزن ہے پاکستان کی حکومت نے ملک میں معاشی استحکام کے لیے اہم اقدامات کا اعلان کیا ہے وزیراعظم نے کہا کہ عوام کو ریلیف فراہم کرنا اولین ترجیح ہے بجٹ میں تنخواہوں اور پنشن میں اضافہ کیا گیا ہے اسلام آباد میں اجلاس کے دوران وفاقی وزرا نے ترقیاتی منصوبوں کا جائزہ لیا اور کہا کہ توانائی کے شعبے میں اصلاحات جاری رہیں گی قومی اسمبلی میں اپوزیشن نے حکومتی پالیسیوں پر تنقید کی جبکہ حکومتی ارکان نے کہا کہ معیشت درست سمت میں گامزن ہے پاکستان کی حکومت نے ملک میں معاشی استحکام کے لیے اہم
بقیہ
42
پاکستان کی حکومت نے ملک میں معاشی استحکام کے لیے اہم اقدامات کا اعلان کیا ہے وزیراعظم نے کہا کہ عوام کو ریلیف فراہم کرنا اولین ترجیح ہے بجٹ میں تنخواہوں اور پنشن میں اضافہ کیا گیا ہے اسلام آباد میں اجلاس کے دوران وفاقی وزرا نے ترقیاتی منصوبوں کا جائزہ لیا اور کہا کہ توانائی کے شعبے میں اصلاحات جاری رہیں گی قومی اسمبلی میں اپوزیشن نے حکومتی پالیسیوں پر تنقید کی جبکہ حکومتی ارکان نے کہا کہ معیشت درست سمت میں گامزن ہے پاکستان کی حکومت نے ملک میں معاشی استحکام کے لیے اہم اقدامات کا اعلان کیا ہے وزیراعظم نے کہا کہ عوام کو ریلیف فراہم کرنا اولین ترجیح ہے بجٹ میں تنخواہوں اور پنشن میں اضافہ کیا گیا ہے اسلام آباد میں اجلاس کے دوران وفاقی وزرا نے ترقیاتی منصوبوں کا جائزہ لیا اور کہا کہ توانائی کے شعبے میں اصلاحات جاری رہیں گی قومی اسمبلی میں اپوزیشن نے حکومتی پالیسیوں پر تنقید کی جبکہ حکومتی ارکان نے کہا کہ معیشت درست سمت
بقیہ
43
پاکستان کی حکومت نے ملک میں معاشی استحکام کے لیے اہم اقدامات کا اعلان کیا ہے وزیراعظم نے کہا کہ عوام کو ریلیف فراہم کرنا اولین ترجیح ہے بجٹ میں تنخواہوں اور پنشن میں اضافہ کیا گیا ہے اسلام آباد میں اجلاس کے دوران وفاقی وزرا نے ترقیاتی منصوبوں کا جائزہ لیا اور کہا کہ توانائی کے شعبے میں اصلاحات جاری رہیں گی قومی اسمبلی میں اپوزیشن نے حکومتی پالیسیوں پر تنقید کی جبکہ حکومتی ارکان نے کہا کہ معیشت درست سمت میں گامزن ہے پاکستان کی حکومت نے ملک میں معاشی استحکام کے لیے اہم
بقیہ
44
پاکستان کی حکومت نے ملک میں معاشی استحکام کے لیے اہم اقدامات کا اعلان کیا ہے وزیراعظم نے کہا کہ عوام کو ریلیف فراہم کرنا اولین ترجیح ہے بجٹ میں تنخواہوں اور پنشن میں اضافہ کیا گیا ہے اسلام آباد میں اجلاس کے دوران وفاقی وزرا نے ترقیاتی منصوبوں کا جائزہ لیا اور کہا کہ توانائی کے شعبے میں اصلاحات جاری رہیں گی قومی اسمبلی میں اپوزیشن نے حکومتی پالیسیوں پر تنقید کی جبکہ حکومتی ارکان نے کہا کہ معیشت درست سمت میں گامزن ہے پاکستان کی حکومت نے ملک میں معاشی استحکام کے لیے اہم اقدامات کا اعلان کیا ہے وزیراعظم نے کہا کہ عوام کو ریلیف فراہم کرنا اولین ترجیح ہے بجٹ میں تنخواہوں اور پنشن میں اضافہ کیا گیا ہے اسلام آباد میں اجلاس کے دوران وفاقی وزرا نے ترقیاتی منصوبوں کا جائزہ لیا اور کہا کہ توانائی کے شعبے میں اصلاحات جاری رہیں گی قومی اسمبلی میں اپوزیشن نے حکومتی پالیسیوں پر تنقید کی جبکہ حکومتی ارکان نے کہا کہ معیشت درست سمت
بقیہ
45
پاکستان کی حکومت نے ملک میں معاشی استحکام کے لیے اہم اقدامات کا اعلان کیا ہے وزیراعظم نے کہا کہ عوام کو ریلیف فراہم کرنا اولین ترجیح ہے بجٹ میں تنخواہوں اور پنشن میں اضافہ کیا گیا ہے اسلام آباد میں اجلاس کے
بقیہ
46
پاکستان کی حکومت نے ملک میں معاشی استحکام کے لیے اہم اقدامات کا اعلان کیا ہے وزیراعظم نے کہا کہ عوام کو ریلیف فراہم کرنا اولین ترجیح ہے بجٹ میں تنخواہوں اور پنشن میں اضافہ کیا گیا ہے اسلام آباد میں اجلاس کے دوران وفاقی وزرا نے ترقیاتی منصوبوں
بقیہ
47
پاکستان کی حکومت نے ملک میں معاشی استحکام کے لیے اہم اقدامات کا اعلان کیا ہے وزیراعظم نے کہا کہ عوام کو ریلیف فراہم کرنا اولین ترجیح ہے بجٹ میں تنخواہوں اور پنشن میں اضافہ کیا گیا ہے اسلام آباد میں اجلاس کے دوران وفاقی وزرا نے ترقیاتی منصوبوں کا جائزہ لیا اور کہا کہ توانائی کے شعبے
پاکستان کی حکومت نے ملک میں
بقیہ
48
پاکستان کی حکومت نے ملک میں معاشی استحکام کے لیے اہم اقدامات کا اعلان کیا ہے وزیراعظم نے کہا کہ عوام کو ریلیف فراہم کرنا اولین ترجیح ہے بجٹ میں تنخواہوں اور پنشن میں اضافہ کیا گیا ہے اسلام آباد میں اجلاس کے دوران وفاقی وزرا نے ترقیاتی منصوبوں کا جائزہ لیا اور کہا کہ توانائی کے شعبے میں اصلاحات جاری رہیں گی قومی اسمبلی میں اپوزیشن نے حکومتی پالیسیوں پر تنقید کی جبکہ حکومتی ارکان نے کہا کہ معیشت درست سمت میں گامزن ہے پاکستان کی حکومت نے ملک میں معاشی استحکام کے لیے اہم اقدامات کا اعلان کیا ہے وزیراعظم نے کہا کہ عوام کو ریلیف فراہم کرنا اولین ترجیح ہے بجٹ میں تنخواہوں اور پنشن میں اضافہ کیا گیا ہے اسلام آباد میں اجلاس کے دوران وفاقی وزرا نے ترقیاتی منصوبوں کا جائزہ لیا اور کہا کہ توانائی کے شعبے میں اصلاحات جاری رہیں گی قومی اسمبلی میں اپوزیشن نے حکومتی پالیسیوں پر تنقید کی جبکہ حکومتی ارکان نے کہا کہ معیشت درست سمت میں گامزن ہے پاکستان کی حکومت نے ملک میں معاشی استحکام کے لیے اہم اقدامات کا اعلان کیا ہے وزیراعظم نے کہا کہ عوام کو ریلیف فراہم کرنا اولین ترجیح ہے بجٹ میں تنخواہوں اور پنشن میں اضافہ کیا گیا ہے اسلام آباد میں اجلاس کے دوران وفاقی وزرا نے ترقیاتی منصوبوں کا جائزہ لیا اور کہا کہ توانائی کے شعبے میں اصلاحات جاری رہیں گی قومی اسمبلی میں اپوزیشن نے حکومتی
بقیہ
49
پاکستان کی حکومت نے ملک میں معاشی استحکام کے لیے اہم اقدامات کا اعلان کیا ہے وزیراعظم نے کہا کہ عوام کو ریلیف فراہم کرنا اولین ترجیح ہے بجٹ میں تنخواہوں اور پنشن میں اضافہ کیا گیا ہے اسلام آباد میں اجلاس کے دوران وفاقی وزرا نے ترقیاتی منصوبوں کا جائزہ لیا اور کہا کہ توانائی کے شعبے
بقیہ
50
پاکستان کی حکومت نے ملک میں معاشی استحکام کے لیے اہم اقدامات کا اعلان کیا ہے وزیراعظم نے کہا کہ عوام کو ریلیف فراہم کرنا اولین ترجیح ہے بجٹ میں تنخواہوں اور پنشن میں اضافہ کیا گیا ہے اسلام آباد میں اجلاس کے دوران وفاقی وزرا نے ترقیاتی منصوبوں کا جائزہ لیا اور کہا کہ توانائی کے شعبے میں اصلاحات جاری رہیں گی قومی اسمبلی میں اپوزیشن نے حکومتی پالیسیوں پر تنقید کی جبکہ حکومتی ارکان نے کہا کہ معیشت درست سمت میں گامزن ہے پاکستان کی حکومت نے ملک میں معاشی استحکام کے لیے اہم اقدامات کا اعلان کیا ہے وزیراعظم نے کہا کہ عوام کو ریلیف فراہم کرنا اولین
بقیہ
51
پاکستان کی حکومت نے ملک میں معاشی استحکام کے لیے اہم اقدامات کا اعلان کیا ہے وزیراعظم نے کہا کہ عوام کو ریلیف فراہم کرنا اولین ترجیح ہے بجٹ میں تنخواہوں اور پنشن میں اضافہ کیا گیا ہے اسلام آباد میں اجلاس کے
بقیہ
52
پاکستان کی حکومت نے ملک میں معاشی استحکام کے لیے اہم اقدامات کا اعلان کیا ہے وزیراعظم نے کہا کہ عوام کو ریلیف فراہم کرنا اولین ترجیح ہے بجٹ میں تنخواہوں اور پنشن میں اضافہ کیا گیا ہے اسلام آباد میں اجلاس کے
بقیہ
53
پاکستان کی حکومت نے ملک میں معاشی استحکام کے لیے اہم اقدامات کا اعلان کیا ہے وزیراعظم نے کہا کہ عوام کو ریلیف فراہم کرنا اولین ترجیح ہے بجٹ میں تنخواہوں اور پنشن میں اضافہ کیا گیا ہے اسلام آباد میں اجلاس کے دوران وفاقی وزرا نے ترقیاتی منصوبوں کا جائزہ لیا اور کہا کہ توانائی کے شعبے میں اصلاحات جاری رہیں گی قومی اسمبلی میں اپوزیشن نے حکومتی پالیسیوں پر تنقید کی جبکہ حکومتی ارکان نے کہا کہ معیشت درست سمت میں گامزن ہے پاکستان کی حکومت نے ملک میں معاشی استحکام کے لیے اہم اقدامات کا اعلان کیا ہے وزیراعظم نے کہا کہ عوام کو ریلیف فراہم کرنا اولین ترجیح ہے بجٹ میں تنخواہوں اور پنشن میں اضافہ کیا گیا ہے اسلام آباد میں اجلاس کے دوران وفاقی وزرا نے ترقیاتی منصوبوں کا جائزہ لیا اور کہا کہ توانائی
بقیہ
54
پاکستان کی حکومت نے ملک میں معاشی استحکام کے لیے اہم اقدامات کا اعلان کیا ہے وزیراعظم نے کہا کہ عوام کو ریلیف فراہم کرنا اولین ترجیح ہے بجٹ میں تنخواہوں اور پنشن میں اضافہ کیا گیا ہے اسلام آباد میں اجلاس کے دوران وفاقی وزرا نے ترقیاتی منصوبوں کا جائزہ لیا اور کہا کہ توانائی کے شعبے میں اصلاحات جاری رہیں گی قومی اسمبلی میں اپوزیشن نے حکومتی پالیسیوں پر تنقید کی جبکہ حکومتی ارکان نے کہا کہ معیشت درست سمت
بقیہ
55
پاکستان کی حکومت نے ملک میں معاشی استحکام کے لیے اہم اقدامات کا اعلان کیا ہے وزیراعظم نے کہا کہ عوام کو ریلیف فراہم کرنا اولین ترجیح ہے بجٹ میں تنخواہوں اور پنشن میں اضافہ کیا گیا ہے اسلام آباد میں اجلاس کے دوران وفاقی وزرا نے ترقیاتی منصوبوں کا جائزہ لیا اور کہا کہ توانائی کے شعبے میں اصلاحات جاری رہیں گی قومی اسمبلی میں اپوزیشن نے حکومتی پالیسیوں پر تنقید کی جبکہ حکومتی ارکان نے کہا کہ معیشت درست سمت میں گامزن ہے پاکستان کی حکومت نے ملک میں معاشی استحکام کے لیے اہم اقدامات کا اعلان کیا ہے وزیراعظم نے کہا کہ عوام کو ریلیف فراہم کرنا اولین
بقیہ
56
پاکستان کی حکومت نے ملک میں معاشی استحکام کے لیے اہم اقدامات کا اعلان کیا ہے وزیراعظم نے کہا کہ عوام کو ریلیف فراہم کرنا اولین ترجیح ہے بجٹ میں تنخواہوں اور پنشن میں اضافہ کیا گیا ہے اسلام آباد میں اجلاس کے
بقیہ
57
پاکستان کی حکومت نے ملک میں معاشی استحکام کے لیے اہم اقدامات کا اعلان کیا ہے وزیراعظم نے کہا کہ عوام کو ریلیف فراہم کرنا اولین ترجیح ہے بجٹ میں تنخواہوں اور پنشن میں اضافہ کیا گیا ہے اسلام آباد میں اجلاس کے دوران وفاقی وزرا نے ترقیاتی منصوبوں کا جائزہ لیا اور کہا کہ توانائی کے شعبے میں اصلاحات جاری رہیں گی قومی اسمبلی میں اپوزیشن نے حکومتی پالیسیوں پر تنقید کی جبکہ حکومتی ارکان نے کہا کہ معیشت درست سمت
بقیہ
58
پاکستان کی حکومت نے ملک میں معاشی استحکام کے لیے اہم اقدامات کا اعلان کیا ہے وزیراعظم نے کہا کہ عوام کو ریلیف فراہم کرنا اولین ترجیح ہے بجٹ میں تنخواہوں اور پنشن میں اضافہ کیا گیا ہے اسلام آباد میں اجلاس کے دوران وفاقی وزرا نے ترقیاتی منصوبوں کا جائزہ لیا اور کہا کہ توانائی کے شعبے
